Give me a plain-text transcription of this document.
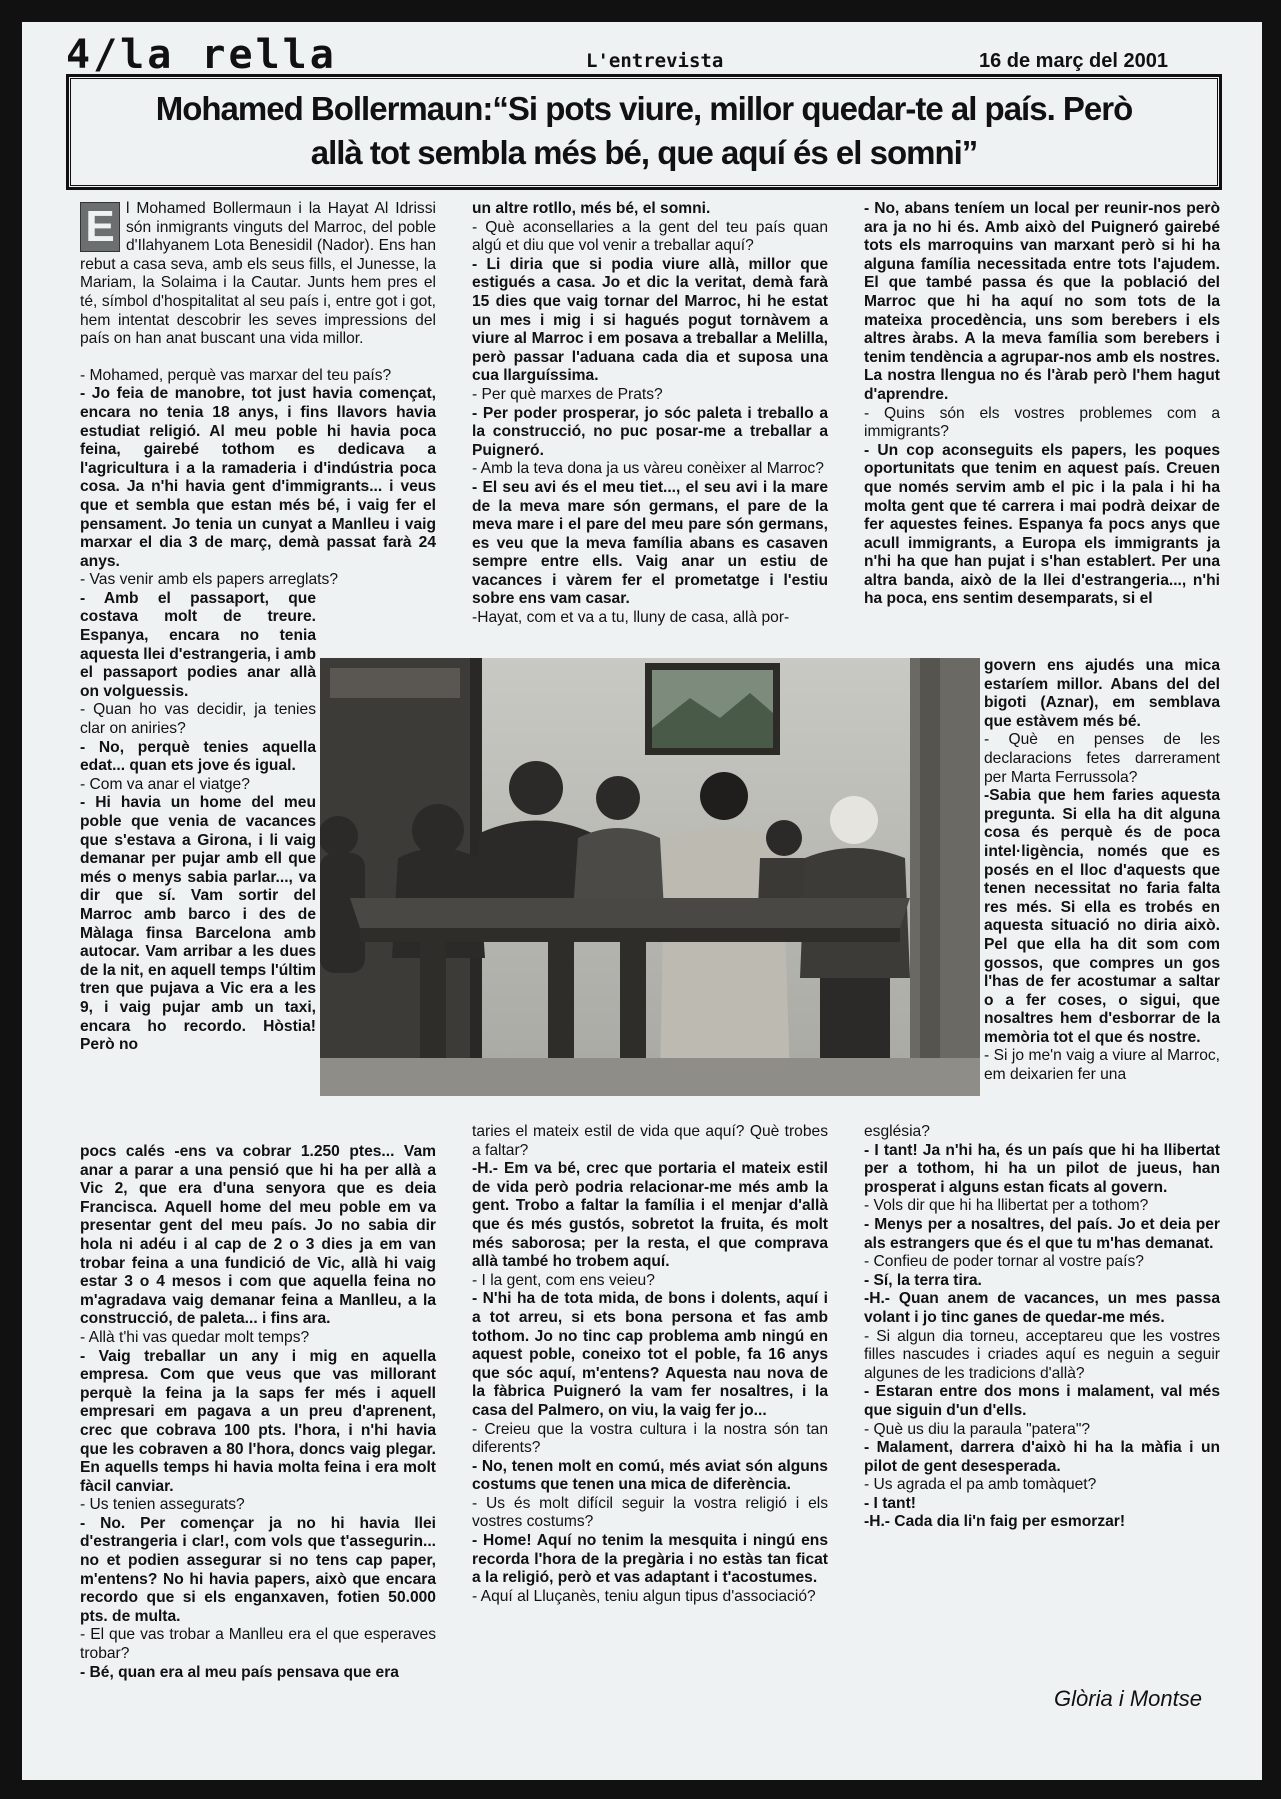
4/la rella	L'entrevista	16 de març del 2001
Mohamed Bollermaun:“Si pots viure, millor quedar-te al país. Però
allà tot sembla més bé, que aquí és el somni”
E l Mohamed Bollermaun i la Hayat Al Idrissi són inmigrants vinguts del Marroc, del poble d'Ilahyanem Lota Benesidil (Nador). Ens han rebut a casa seva, amb els seus fills, el Junesse, la Mariam, la Solaima i la Cautar. Junts hem pres el té, símbol d'hospitalitat al seu país i, entre got i got, hem intentat descobrir les seves impressions del país on han anat buscant una vida millor.

- Mohamed, perquè vas marxar del teu país?

- Jo feia de manobre, tot just havia començat, encara no tenia 18 anys, i fins llavors havia estudiat religió. Al meu poble hi havia poca feina, gairebé tothom es dedicava a l'agricultura i a la ramaderia i d'indústria poca cosa. Ja n'hi havia gent d'immigrants... i veus que et sembla que estan més bé, i vaig fer el pensament. Jo tenia un cunyat a Manlleu i vaig marxar el dia 3 de març, demà passat farà 24 anys.

- Vas venir amb els papers arreglats?

- Amb el passaport, que costava molt de treure. Espanya, encara no tenia aquesta llei d'estrangeria, i amb el passaport podies anar allà on volguessis.

- Quan ho vas decidir, ja tenies clar on aniries?

- No, perquè tenies aquella edat... quan ets jove és igual.

- Com va anar el viatge?

- Hi havia un home del meu poble que venia de vacances que s'estava a Girona, i li vaig demanar per pujar amb ell que més o menys sabia parlar..., va dir que sí. Vam sortir del Marroc amb barco i des de Màlaga finsa Barcelona amb autocar. Vam arribar a les dues de la nit, en aquell temps l'últim tren que pujava a Vic era a les 9, i vaig pujar amb un taxi, encara ho recordo. Hòstia! Però no

pocs calés -ens va cobrar 1.250 ptes... Vam anar a parar a una pensió que hi ha per allà a Vic 2, que era d'una senyora que es deia Francisca. Aquell home del meu poble em va presentar gent del meu país. Jo no sabia dir hola ni adéu i al cap de 2 o 3 dies ja em van trobar feina a una fundició de Vic, allà hi vaig estar 3 o 4 mesos i com que aquella feina no m'agradava vaig demanar feina a Manlleu, a la construcció, de paleta... i fins ara.

- Allà t'hi vas quedar molt temps?

- Vaig treballar un any i mig en aquella empresa. Com que veus que vas millorant perquè la feina ja la saps fer més i aquell empresari em pagava a un preu d'aprenent, crec que cobrava 100 pts. l'hora, i n'hi havia que les cobraven a 80 l'hora, doncs vaig plegar. En aquells temps hi havia molta feina i era molt fàcil canviar.

- Us tenien assegurats?

- No. Per començar ja no hi havia llei d'estrangeria i clar!, com vols que t'assegurin... no et podien assegurar si no tens cap paper, m'entens? No hi havia papers, això que encara recordo que si els enganxaven, fotien 50.000 pts. de multa.

- El que vas trobar a Manlleu era el que esperaves trobar?

- Bé, quan era al meu país pensava que era

un altre rotllo, més bé, el somni.

- Què aconsellaries a la gent del teu país quan algú et diu que vol venir a treballar aquí?

- Li diria que si podia viure allà, millor que estigués a casa. Jo et dic la veritat, demà farà 15 dies que vaig tornar del Marroc, hi he estat un mes i mig i si hagués pogut tornàvem a viure al Marroc i em posava a treballar a Melilla, però passar l'aduana cada dia et suposa una cua llarguíssima.

- Per què marxes de Prats?

- Per poder prosperar, jo sóc paleta i treballo a la construcció, no puc posar-me a treballar a Puigneró.

- Amb la teva dona ja us vàreu conèixer al Marroc?

- El seu avi és el meu tiet..., el seu avi i la mare de la meva mare són germans, el pare de la meva mare i el pare del meu pare són germans, es veu que la meva família abans es casaven sempre entre ells. Vaig anar un estiu de vacances i vàrem fer el prometatge i l'estiu sobre ens vam casar.

-Hayat, com et va a tu, lluny de casa, allà por-

taries el mateix estil de vida que aquí? Què trobes a faltar?

-H.- Em va bé, crec que portaria el mateix estil de vida però podria relacionar-me més amb la gent. Trobo a faltar la família i el menjar d'allà que és més gustós, sobretot la fruita, és molt més saborosa; per la resta, el que comprava allà també ho trobem aquí.

- I la gent, com ens veieu?

- N'hi ha de tota mida, de bons i dolents, aquí i a tot arreu, si ets bona persona et fas amb tothom. Jo no tinc cap problema amb ningú en aquest poble, coneixo tot el poble, fa 16 anys que sóc aquí, m'entens? Aquesta nau nova de la fàbrica Puigneró la vam fer nosaltres, i la casa del Palmero, on viu, la vaig fer jo...

- Creieu que la vostra cultura i la nostra són tan diferents?

- No, tenen molt en comú, més aviat són alguns costums que tenen una mica de diferència.

- Us és molt difícil seguir la vostra religió i els vostres costums?

- Home! Aquí no tenim la mesquita i ningú ens recorda l'hora de la pregària i no estàs tan ficat a la religió, però et vas adaptant i t'acostumes.

- Aquí al Lluçanès, teniu algun tipus d'associació?

- No, abans teníem un local per reunir-nos però ara ja no hi és. Amb això del Puigneró gairebé tots els marroquins van marxant però si hi ha alguna família necessitada entre tots l'ajudem. El que també passa és que la població del Marroc que hi ha aquí no som tots de la mateixa procedència, uns som berebers i els altres àrabs. A la meva família som berebers i tenim tendència a agrupar-nos amb els nostres. La nostra llengua no és l'àrab però l'hem hagut d'aprendre.

- Quins són els vostres problemes com a immigrants?

- Un cop aconseguits els papers, les poques oportunitats que tenim en aquest país. Creuen que només servim amb el pic i la pala i hi ha molta gent que té carrera i mai podrà deixar de fer aquestes feines. Espanya fa pocs anys que acull immigrants, a Europa els immigrants ja n'hi ha que han pujat i s'han establert. Per una altra banda, això de la llei d'estrangeria..., n'hi ha poca, ens sentim desemparats, si el

govern ens ajudés una mica estaríem millor. Abans del del bigoti (Aznar), em semblava que estàvem més bé.

- Què en penses de les declaracions fetes darrerament per Marta Ferrussola?

-Sabia que hem faries aquesta pregunta. Si ella ha dit alguna cosa és perquè és de poca intel·ligència, només que es posés en el lloc d'aquests que tenen necessitat no faria falta res més. Si ella es trobés en aquesta situació no diria això. Pel que ella ha dit som com gossos, que compres un gos l'has de fer acostumar a saltar o a fer coses, o sigui, que nosaltres hem d'esborrar de la memòria tot el que és nostre.

- Si jo me'n vaig a viure al Marroc, em deixarien fer una

església?

- I tant! Ja n'hi ha, és un país que hi ha llibertat per a tothom, hi ha un pilot de jueus, han prosperat i alguns estan ficats al govern.

- Vols dir que hi ha llibertat per a tothom?

- Menys per a nosaltres, del país. Jo et deia per als estrangers que és el que tu m'has demanat.

- Confieu de poder tornar al vostre país?

- Sí, la terra tira.

-H.- Quan anem de vacances, un mes passa volant i jo tinc ganes de quedar-me més.

- Si algun dia torneu, acceptareu que les vostres filles nascudes i criades aquí es neguin a seguir algunes de les tradicions d'allà?

- Estaran entre dos mons i malament, val més que siguin d'un d'ells.

- Què us diu la paraula "patera"?

- Malament, darrera d'això hi ha la màfia i un pilot de gent desesperada.

- Us agrada el pa amb tomàquet?

- I tant!

-H.- Cada dia li'n faig per esmorzar!

Glòria i Montse
